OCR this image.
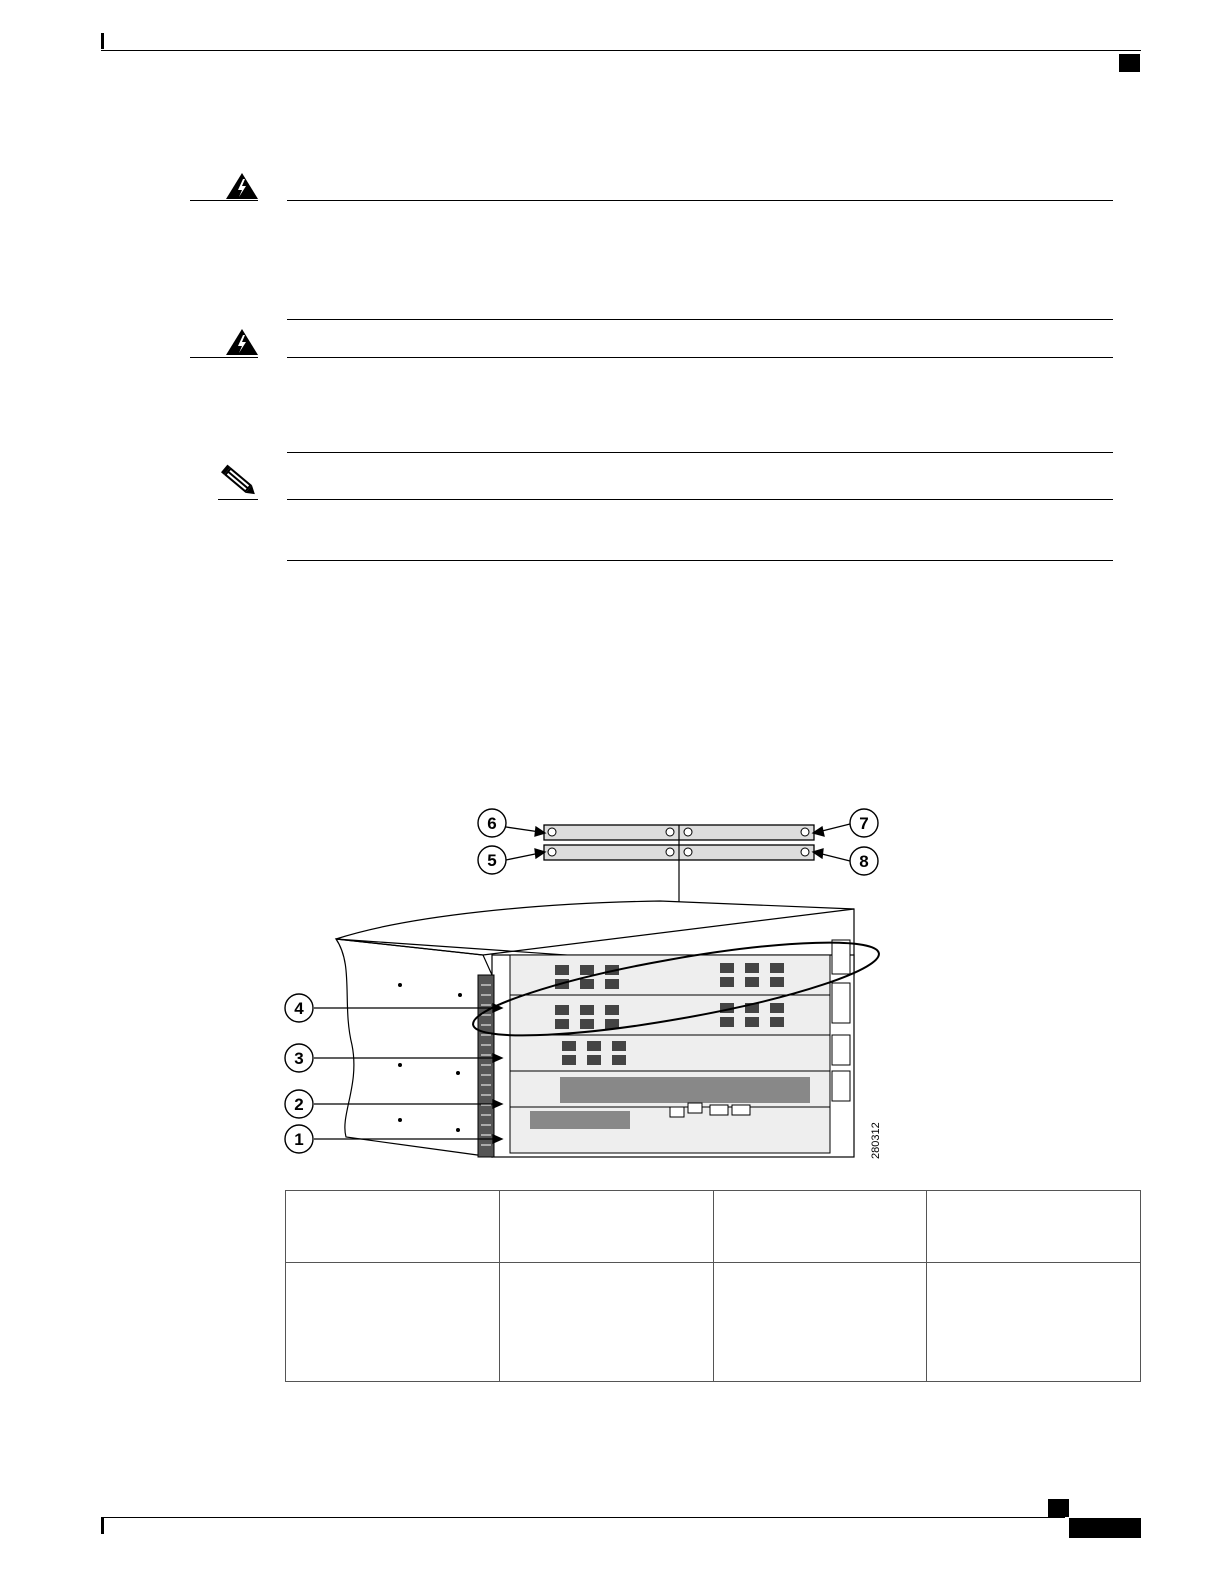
1
2
3
4
5
6	7
8
280312
